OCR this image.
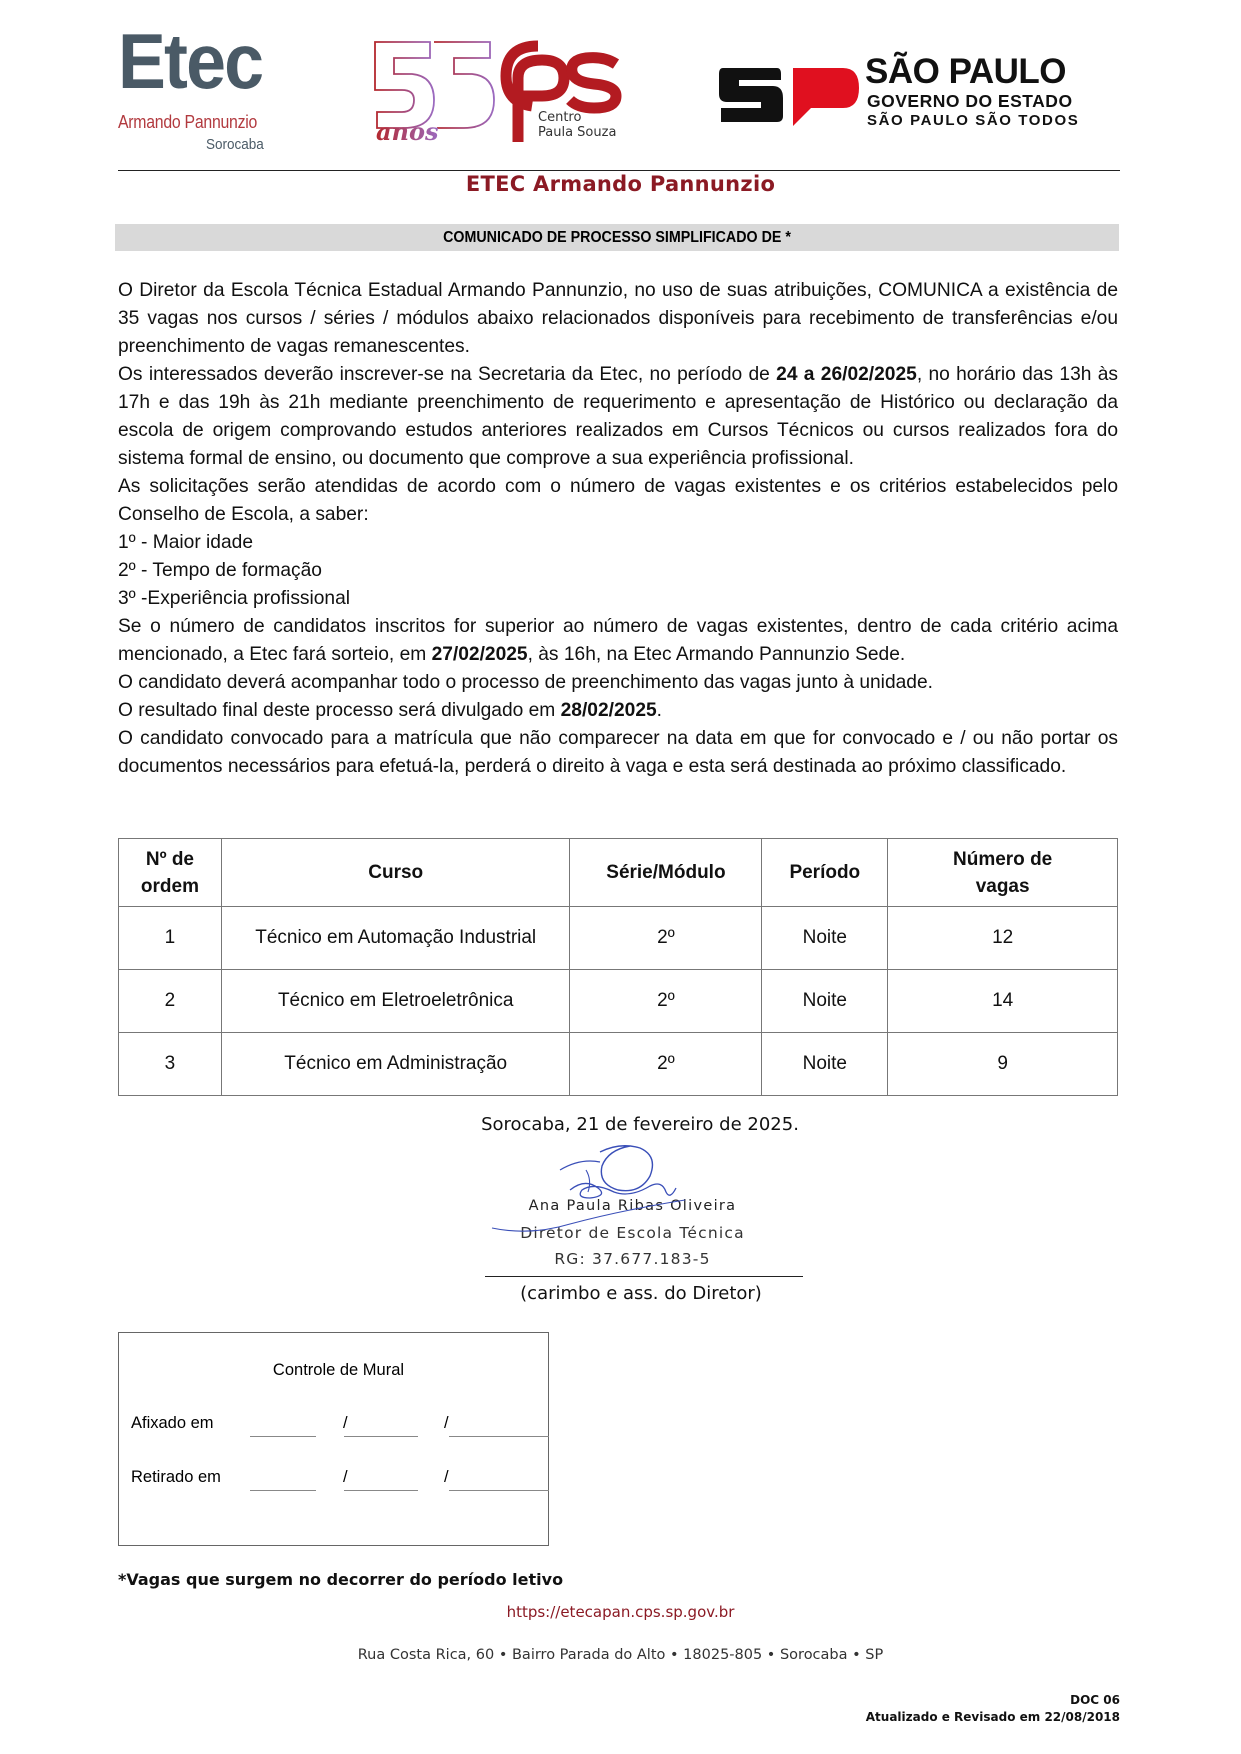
Etec
Armando Pannunzio
Sorocaba	anos	Centro
Paula Souza
SÃO PAULO
GOVERNO DO ESTADO
SÃO PAULO SÃO TODOS
ETEC Armando Pannunzio
COMUNICADO DE PROCESSO SIMPLIFICADO DE *

O Diretor da Escola Técnica Estadual Armando Pannunzio, no uso de suas atribuições, COMUNICA a existência de 35 vagas nos cursos / séries / módulos abaixo relacionados disponíveis para recebimento de transferências e/ou preenchimento de vagas remanescentes.

Os interessados deverão inscrever-se na Secretaria da Etec, no período de 24 a 26/02/2025, no horário das 13h às 17h e das 19h às 21h mediante preenchimento de requerimento e apresentação de Histórico ou declaração da escola de origem comprovando estudos anteriores realizados em Cursos Técnicos ou cursos realizados fora do sistema formal de ensino, ou documento que comprove a sua experiência profissional.

As solicitações serão atendidas de acordo com o número de vagas existentes e os critérios estabelecidos pelo Conselho de Escola, a saber:

1º - Maior idade

2º - Tempo de formação

3º -Experiência profissional

Se o número de candidatos inscritos for superior ao número de vagas existentes, dentro de cada critério acima mencionado, a Etec fará sorteio, em 27/02/2025, às 16h, na Etec Armando Pannunzio Sede.

O candidato deverá acompanhar todo o processo de preenchimento das vagas junto à unidade.

O resultado final deste processo será divulgado em 28/02/2025.

O candidato convocado para a matrícula que não comparecer na data em que for convocado e / ou não portar os documentos necessários para efetuá-la, perderá o direito à vaga e esta será destinada ao próximo classificado.

Nº de
ordem	Curso	Série/Módulo	Período	Número de
vagas
1	Técnico em Automação Industrial	2º	Noite	12
2	Técnico em Eletroeletrônica	2º	Noite	14
3	Técnico em Administração	2º	Noite	9
Sorocaba, 21 de fevereiro de 2025.
Ana Paula Ribas Oliveira
Diretor de Escola Técnica
RG: 37.677.183-5
(carimbo e ass. do Diretor)
Controle de Mural
Afixado em	/	/
Retirado em	/	/
*Vagas que surgem no decorrer do período letivo
https://etecapan.cps.sp.gov.br
Rua Costa Rica, 60 • Bairro Parada do Alto • 18025-805 • Sorocaba • SP
DOC 06
Atualizado e Revisado em 22/08/2018
